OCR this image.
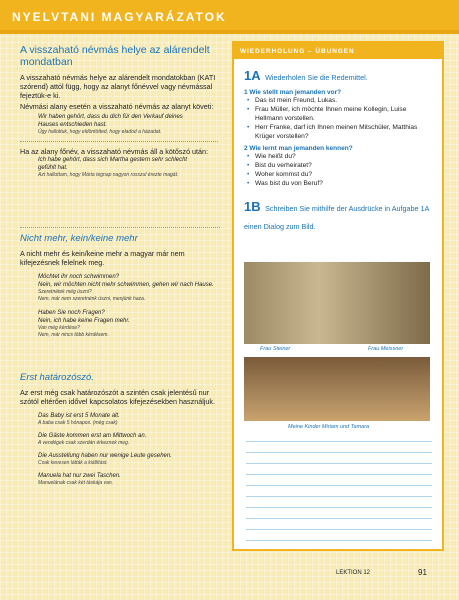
NYELVTANI MAGYARÁZATOK
A visszaható névmás helye az alárendelt mondatban
A visszaható névmás helye az alárendelt mondatokban (KATI szórend) attól függ, hogy az alanyt főnévvel vagy névmással fejeztük-e ki.
Névmási alany esetén a visszaható névmás az alanyt követi:
Wir haben gehört, dass du dich für den Verkauf deines
Hauses entschieden hast.
Úgy hallottuk, hogy eldöntötted, hogy eladod a házadat.
Ha az alany főnév, a visszaható névmás áll a kötőszó után:
Ich habe gehört, dass sich Martha gestern sehr schlecht
gefühlt hat.
Azt hallottam, hogy Márta tegnap nagyon rosszul érezte magát.
Nicht mehr, kein/keine mehr
A nicht mehr és kein/keine mehr a magyar már nem kifejezésnek felelnek meg.
Möchtet ihr noch schwimmen?
Nein, wir möchten nicht mehr schwimmen, gehen wir nach Hause.
Szeretnétek még úszni?
Nem, már nem szeretnénk úszni, menjünk haza.
Haben Sie noch Fragen?
Nein, ich habe keine Fragen mehr.
Van még kérdése?
Nem, már nincs több kérdésem.
Erst határozószó.
Az erst még csak határozószót a szintén csak jelentésű nur szótól eltérően idővel kapcsolatos kifejezésekben használjuk.
Das Baby ist erst 5 Monate alt.
A baba csak 5 hónapos. (még csak)
Die Gäste kommen erst am Mittwoch an.
A vendégek csak szerdán érkeznek meg.
Die Ausstellung haben nur wenige Leute gesehen.
Csak kevesen látták a kiállítást.
Manuela hat nur zwei Taschen.
Manuelának csak két táskája van.
WIEDERHOLUNG – ÜBUNGEN
1A Wiederholen Sie die Redemittel.
1 Wie stellt man jemanden vor?
• Das ist mein Freund, Lukas.
• Frau Müller, ich möchte Ihnen meine Kollegin, Luise Hellmann vorstellen.
• Herr Franke, darf ich Ihnen meinen Mitschüler, Matthias Krüger vorstellen?
2 Wie lernt man jemanden kennen?
• Wie heißt du?
• Bist du verheiratet?
• Woher kommst du?
• Was bist du von Beruf?
1B Schreiben Sie mithilfe der Ausdrücke in Aufgabe 1A einen Dialog zum Bild.
Frau Steiner	Frau Meissner
Meine Kinder Miriam und Tamara
LEKTION 12	91
